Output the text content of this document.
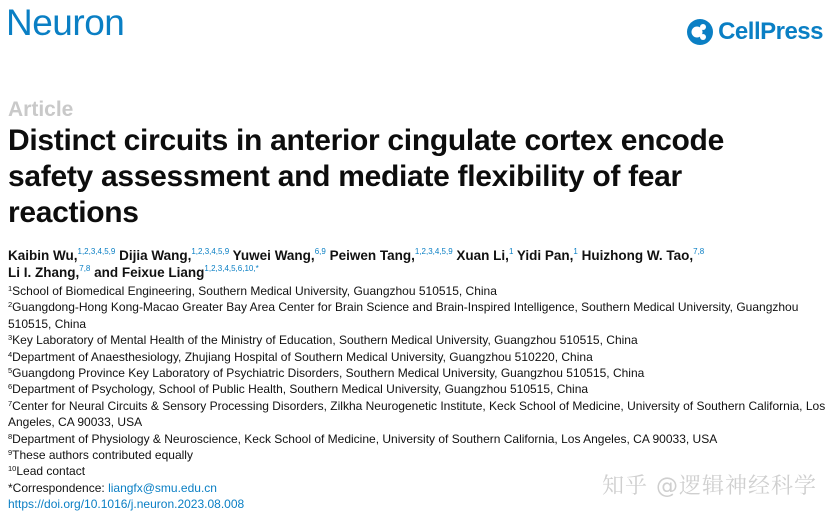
Neuron	CellPress
Article
Distinct circuits in anterior cingulate cortex encode safety assessment and mediate flexibility of fear reactions
Kaibin Wu,$^{1,2,3,4,5,9}$ Dijia Wang,$^{1,2,3,4,5,9}$ Yuwei Wang,$^{6,9}$ Peiwen Tang,$^{1,2,3,4,5,9}$ Xuan Li,$^1$ Yidi Pan,$^1$ Huizhong W. Tao,$^{7,8}$
Li I. Zhang,$^{7,8}$ and Feixue Liang$^{1,2,3,4,5,6,10,*}$
$^1$School of Biomedical Engineering, Southern Medical University, Guangzhou 510515, China
$^2$Guangdong-Hong Kong-Macao Greater Bay Area Center for Brain Science and Brain-Inspired Intelligence, Southern Medical University, Guangzhou 510515, China
$^3$Key Laboratory of Mental Health of the Ministry of Education, Southern Medical University, Guangzhou 510515, China
$^4$Department of Anaesthesiology, Zhujiang Hospital of Southern Medical University, Guangzhou 510220, China
$^5$Guangdong Province Key Laboratory of Psychiatric Disorders, Southern Medical University, Guangzhou 510515, China
$^6$Department of Psychology, School of Public Health, Southern Medical University, Guangzhou 510515, China
$^7$Center for Neural Circuits & Sensory Processing Disorders, Zilkha Neurogenetic Institute, Keck School of Medicine, University of Southern California, Los Angeles, CA 90033, USA
$^8$Department of Physiology & Neuroscience, Keck School of Medicine, University of Southern California, Los Angeles, CA 90033, USA
$^9$These authors contributed equally
$^{10}$Lead contact
*Correspondence: liangfx@smu.edu.cn
https://doi.org/10.1016/j.neuron.2023.08.008
知乎 @逻辑神经科学
